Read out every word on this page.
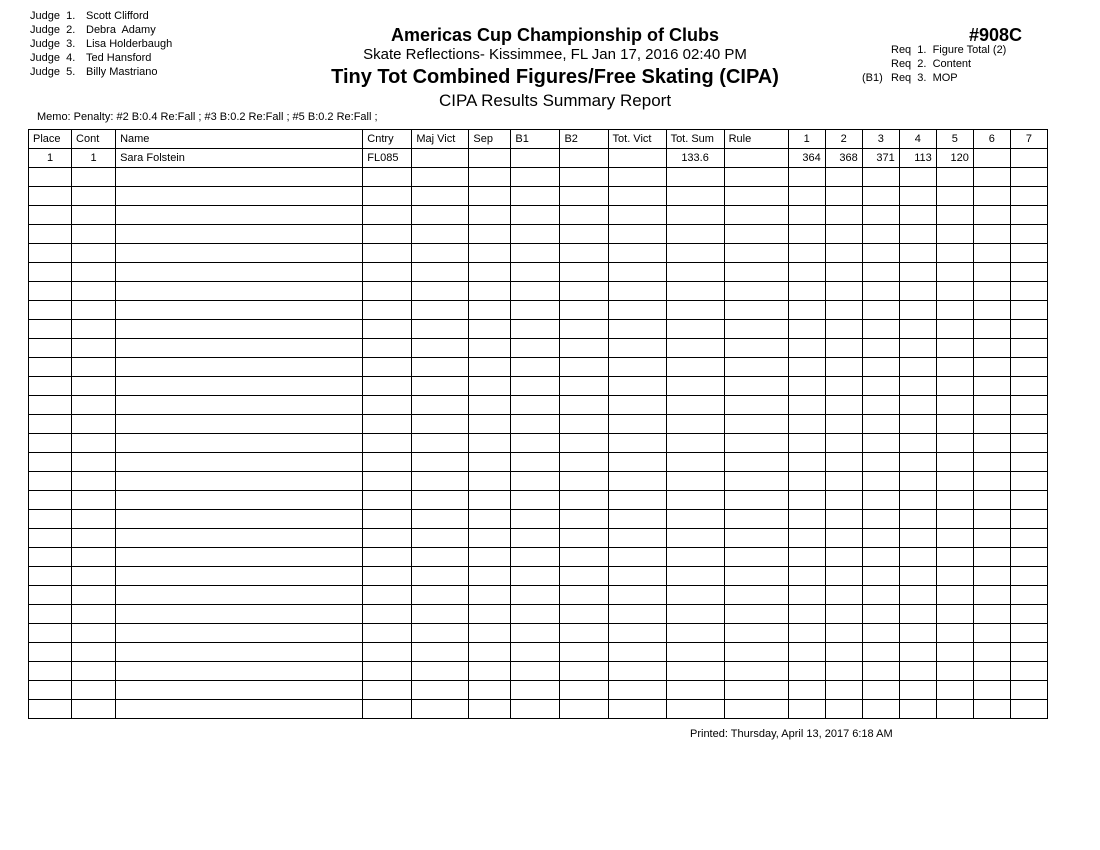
Judge  1. Scott Clifford
Judge  2. Debra  Adamy
Judge  3. Lisa Holderbaugh
Judge  4. Ted Hansford
Judge  5. Billy Mastriano
Americas Cup Championship of Clubs
Skate Reflections- Kissimmee, FL Jan 17, 2016 02:40 PM
Tiny Tot Combined Figures/Free Skating (CIPA)
CIPA Results Summary Report
#908C
Req  1.  Figure Total (2)
Req  2.  Content
(B1) Req  3.  MOP
Memo: Penalty: #2 B:0.4 Re:Fall ; #3 B:0.2 Re:Fall ; #5 B:0.2 Re:Fall ;
Place	Cont	Name	Cntry	Maj Vict	Sep	B1	B2	Tot. Vict	Tot. Sum	Rule	1	2	3	4	5	6	7
1	1	Sara Folstein	FL085						133.6		364	368	371	113	120		

Printed: Thursday, April 13, 2017 6:18 AM
